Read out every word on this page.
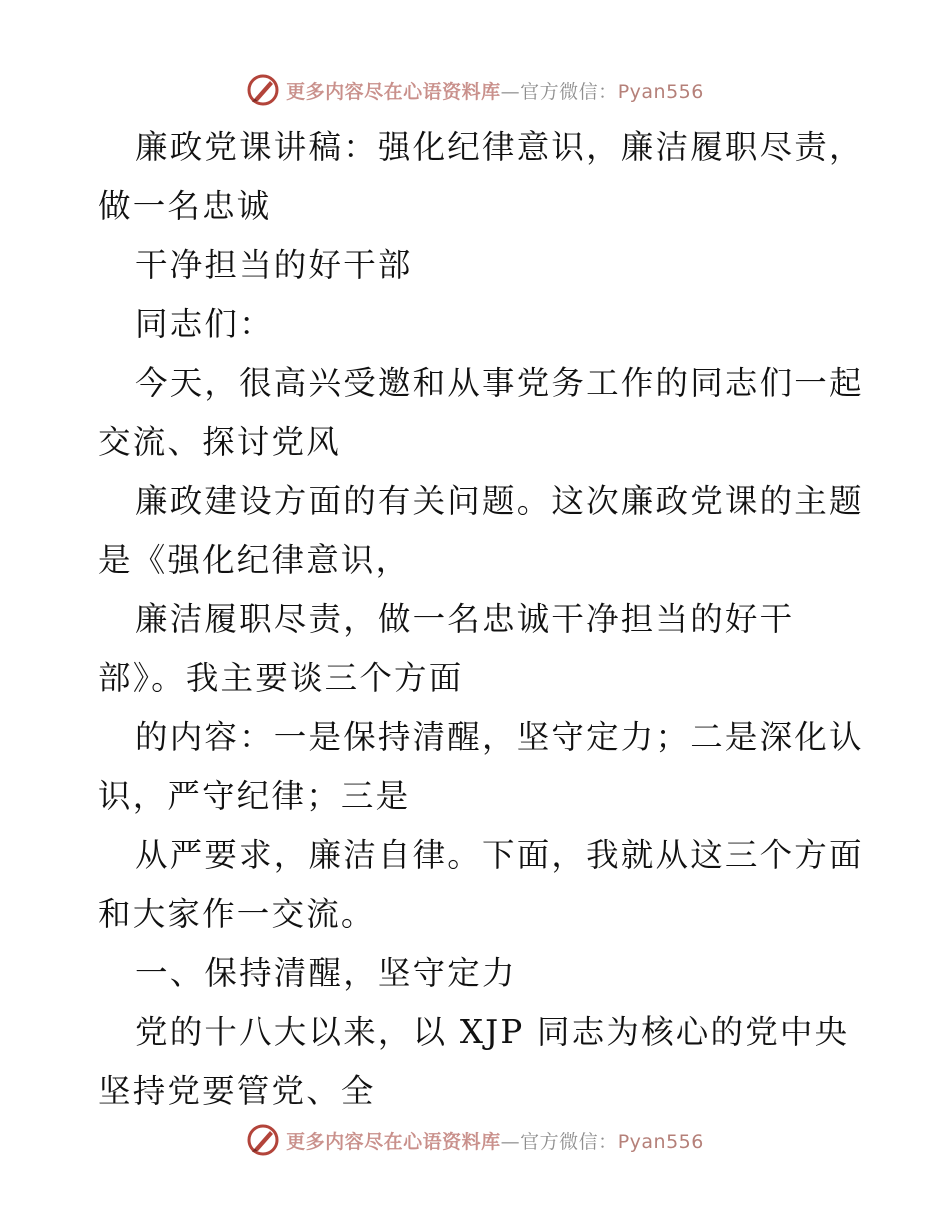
更多内容尽在心语资料库—官方微信：Pyan556

廉政党课讲稿：强化纪律意识，廉洁履职尽责，
做一名忠诚

干净担当的好干部

同志们：

今天，很高兴受邀和从事党务工作的同志们一起
交流、探讨党风

廉政建设方面的有关问题。这次廉政党课的主题
是《强化纪律意识，

廉洁履职尽责，做一名忠诚干净担当的好干
部》。我主要谈三个方面

的内容：一是保持清醒，坚守定力；二是深化认
识，严守纪律；三是

从严要求，廉洁自律。下面，我就从这三个方面
和大家作一交流。

一、保持清醒，坚守定力

党的十八大以来，以 XJP 同志为核心的党中央
坚持党要管党、全

更多内容尽在心语资料库—官方微信：Pyan556
